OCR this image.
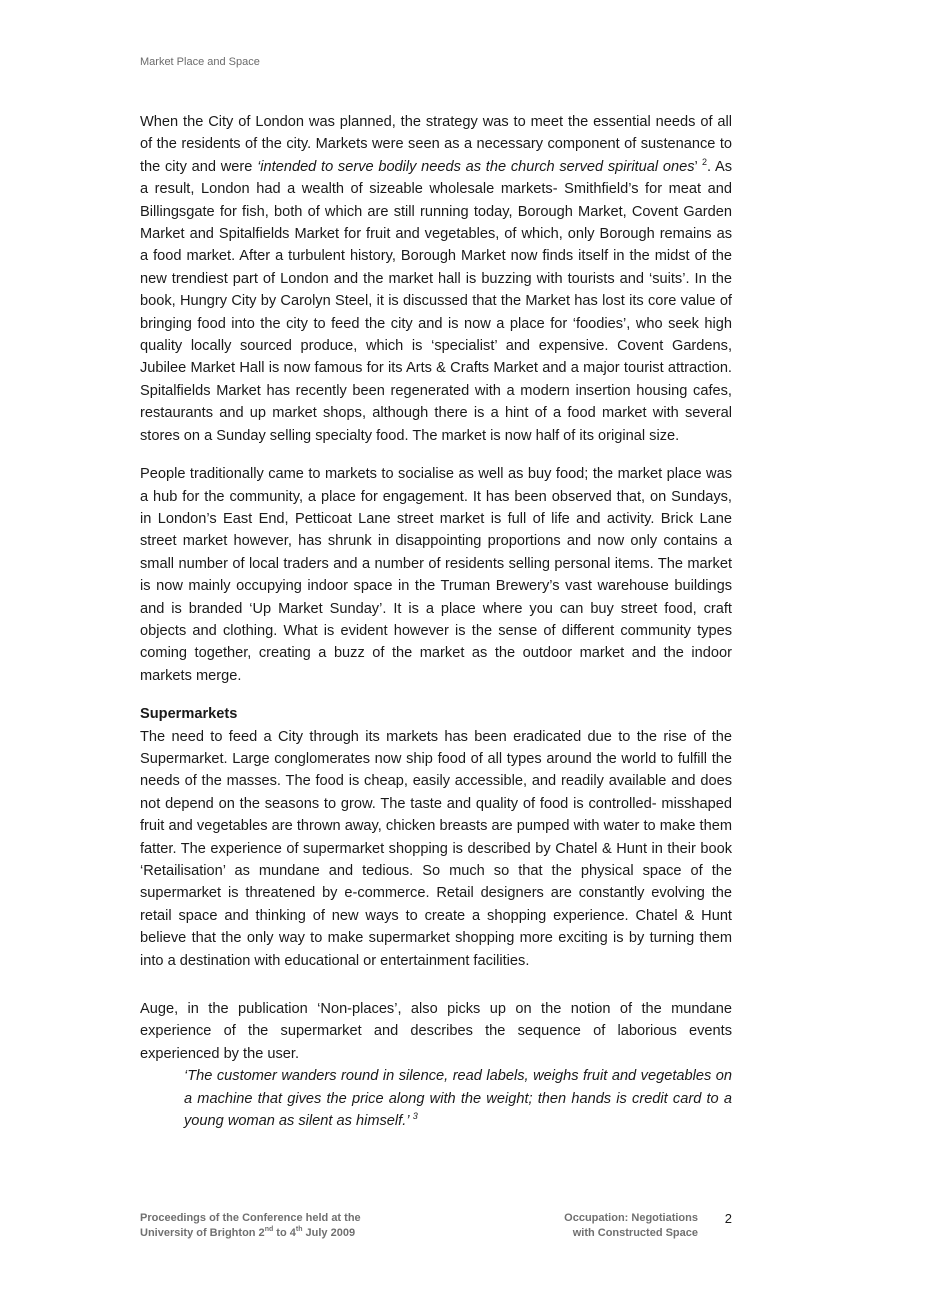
Market Place and Space

When the City of London was planned, the strategy was to meet the essential needs of all of the residents of the city. Markets were seen as a necessary component of sustenance to the city and were ‘intended to serve bodily needs as the church served spiritual ones’ $^2$. As a result, London had a wealth of sizeable wholesale markets- Smithfield’s for meat and Billingsgate for fish, both of which are still running today, Borough Market, Covent Garden Market and Spitalfields Market for fruit and vegetables, of which, only Borough remains as a food market. After a turbulent history, Borough Market now finds itself in the midst of the new trendiest part of London and the market hall is buzzing with tourists and ‘suits’. In the book, Hungry City by Carolyn Steel, it is discussed that the Market has lost its core value of bringing food into the city to feed the city and is now a place for ‘foodies’, who seek high quality locally sourced produce, which is ‘specialist’ and expensive. Covent Gardens, Jubilee Market Hall is now famous for its Arts & Crafts Market and a major tourist attraction. Spitalfields Market has recently been regenerated with a modern insertion housing cafes, restaurants and up market shops, although there is a hint of a food market with several stores on a Sunday selling specialty food. The market is now half of its original size.

People traditionally came to markets to socialise as well as buy food; the market place was a hub for the community, a place for engagement. It has been observed that, on Sundays, in London’s East End, Petticoat Lane street market is full of life and activity. Brick Lane street market however, has shrunk in disappointing proportions and now only contains a small number of local traders and a number of residents selling personal items. The market is now mainly occupying indoor space in the Truman Brewery’s vast warehouse buildings and is branded ‘Up Market Sunday’. It is a place where you can buy street food, craft objects and clothing. What is evident however is the sense of different community types coming together, creating a buzz of the market as the outdoor market and the indoor markets merge.

Supermarkets

The need to feed a City through its markets has been eradicated due to the rise of the Supermarket. Large conglomerates now ship food of all types around the world to fulfill the needs of the masses. The food is cheap, easily accessible, and readily available and does not depend on the seasons to grow. The taste and quality of food is controlled- misshaped fruit and vegetables are thrown away, chicken breasts are pumped with water to make them fatter. The experience of supermarket shopping is described by Chatel & Hunt in their book ‘Retailisation’ as mundane and tedious. So much so that the physical space of the supermarket is threatened by e-commerce. Retail designers are constantly evolving the retail space and thinking of new ways to create a shopping experience. Chatel & Hunt believe that the only way to make supermarket shopping more exciting is by turning them into a destination with educational or entertainment facilities.

Auge, in the publication ‘Non-places’, also picks up on the notion of the mundane experience of the supermarket and describes the sequence of laborious events experienced by the user.

‘The customer wanders round in silence, read labels, weighs fruit and vegetables on a machine that gives the price along with the weight; then hands is credit card to a young woman as silent as himself.’ $^3$

Proceedings of the Conference held at the
University of Brighton 2nd to 4th July 2009
Occupation: Negotiations
with Constructed Space
2
